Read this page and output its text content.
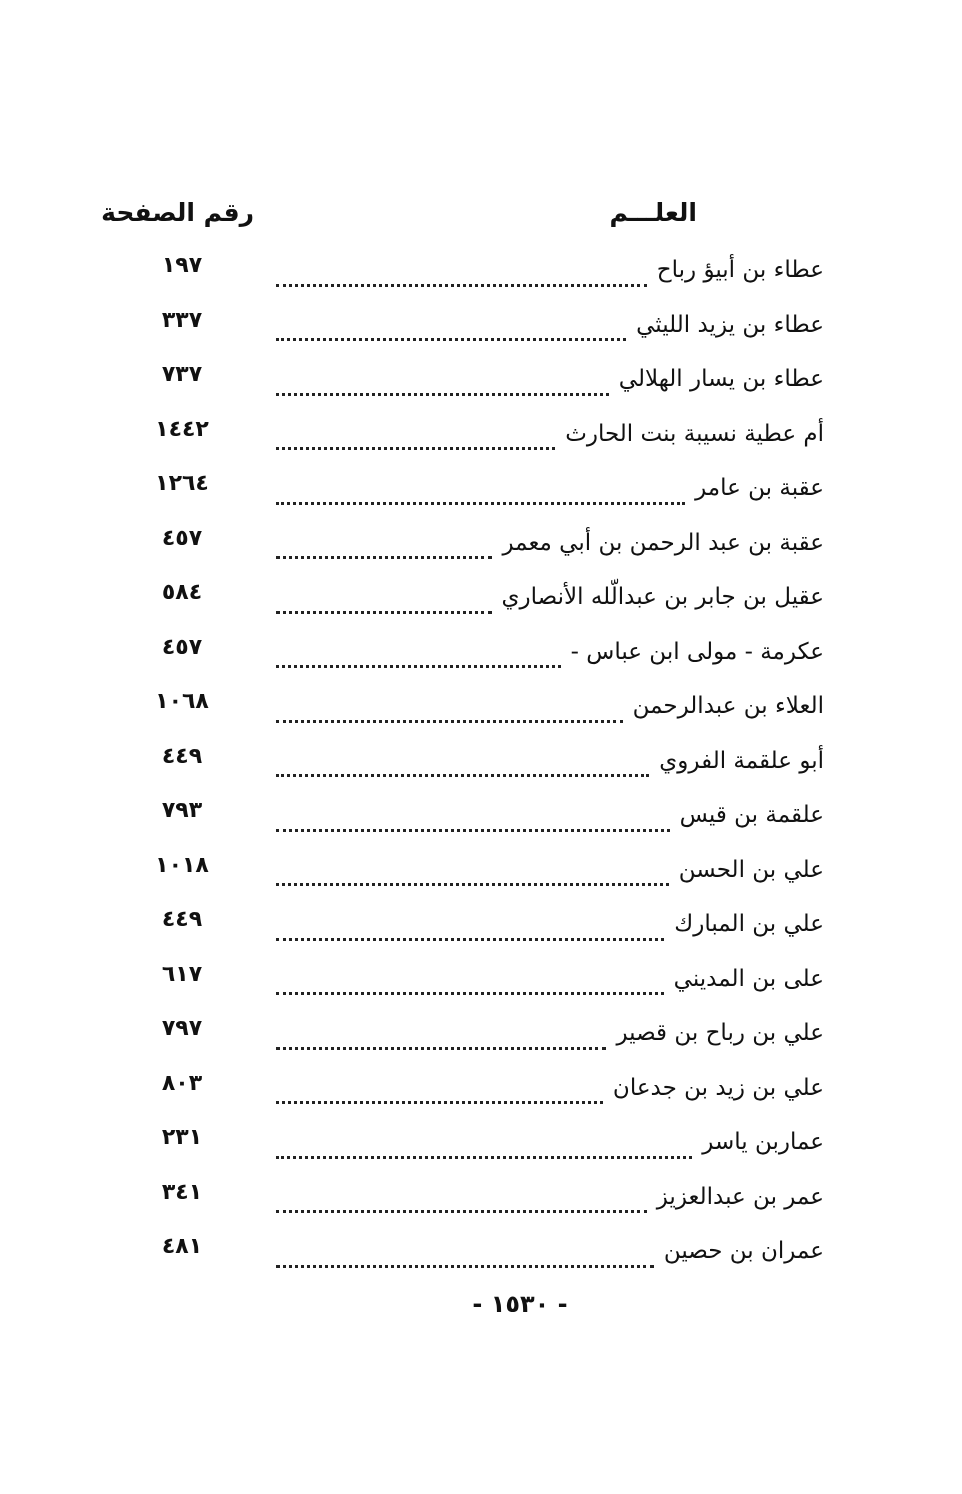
العلـــم
رقم الصفحة
عطاء بن أبيؤ رباح
١٩٧
عطاء بن يزيد الليثي
٣٣٧
عطاء بن يسار الهلالي
٧٣٧
أم عطية نسيبة بنت الحارث
١٤٤٢
عقبة بن عامر
١٢٦٤
عقبة بن عبد الرحمن بن أبي معمر
٤٥٧
عقيل بن جابر بن عبدالّله الأنصاري
٥٨٤
عكرمة - مولى ابن عباس -
٤٥٧
العلاء بن عبدالرحمن
١٠٦٨
أبو علقمة الفروي
٤٤٩
علقمة بن قيس
٧٩٣
علي بن الحسن
١٠١٨
علي بن المبارك
٤٤٩
على بن المديني
٦١٧
علي بن رباح بن قصير
٧٩٧
علي بن زيد بن جدعان
٨٠٣
عماربن ياسر
٢٣١
عمر بن عبدالعزيز
٣٤١
عمران بن حصين
٤٨١
- ١٥٣٠ -
